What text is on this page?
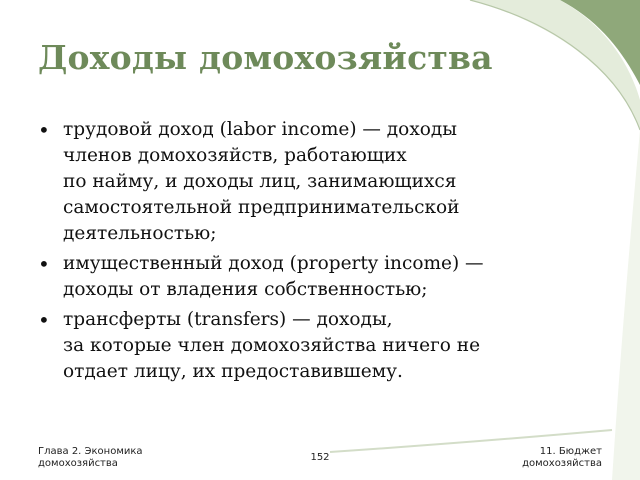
Доходы домохозяйства
• трудовой доход (labor income) — доходы
членов домохозяйств, работающих
по найму, и доходы лиц, занимающихся
самостоятельной предпринимательской
деятельностью;
• имущественный доход (property income) —
доходы от владения собственностью;
• трансферты (transfers) — доходы,
за которые член домохозяйства ничего не
отдает лицу, их предоставившему.
Глава 2. Экономика
домохозяйства
152
11. Бюджет
домохозяйства
